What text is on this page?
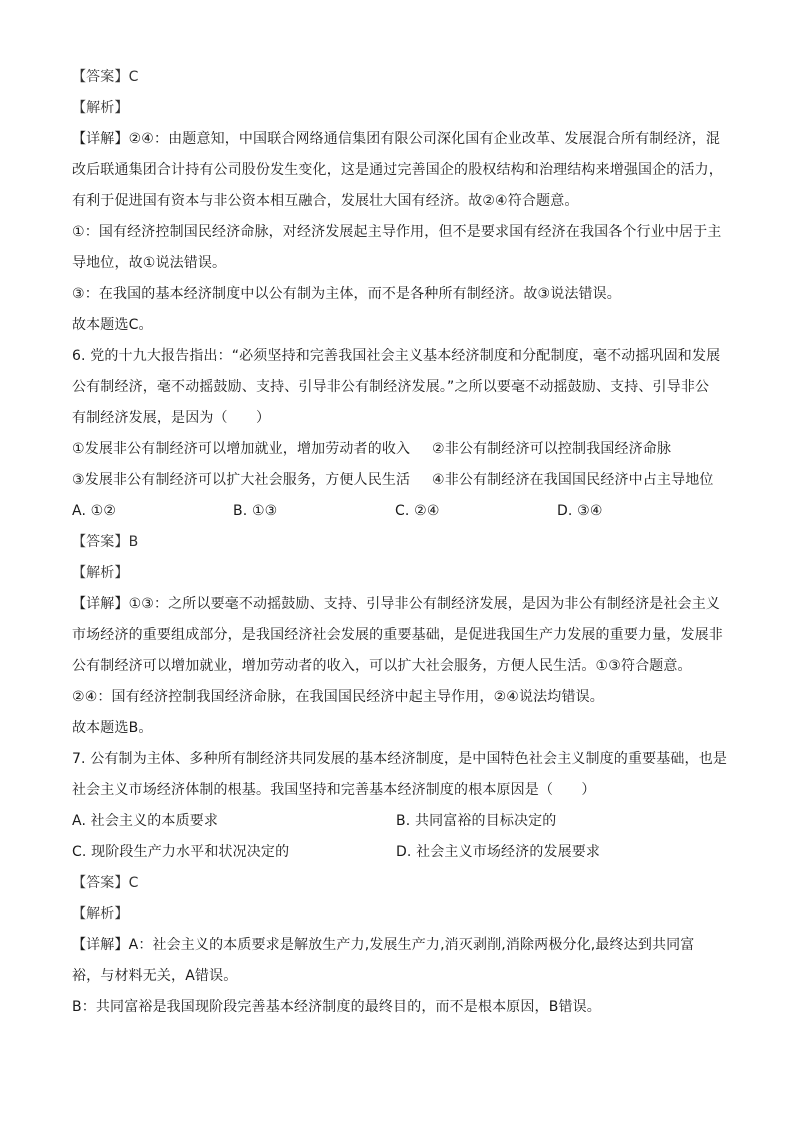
【答案】C
【解析】
【详解】②④：由题意知，中国联合网络通信集团有限公司深化国有企业改革、发展混合所有制经济，混
改后联通集团合计持有公司股份发生变化，这是通过完善国企的股权结构和治理结构来增强国企的活力，
有利于促进国有资本与非公资本相互融合，发展壮大国有经济。故②④符合题意。
①：国有经济控制国民经济命脉，对经济发展起主导作用，但不是要求国有经济在我国各个行业中居于主
导地位，故①说法错误。
③：在我国的基本经济制度中以公有制为主体，而不是各种所有制经济。故③说法错误。
故本题选C。
6. 党的十九大报告指出：“必须坚持和完善我国社会主义基本经济制度和分配制度，毫不动摇巩固和发展
公有制经济，毫不动摇鼓励、支持、引导非公有制经济发展。”之所以要毫不动摇鼓励、支持、引导非公
有制经济发展，是因为（　　）
①发展非公有制经济可以增加就业，增加劳动者的收入	②非公有制经济可以控制我国经济命脉
③发展非公有制经济可以扩大社会服务，方便人民生活	④非公有制经济在我国国民经济中占主导地位
A. ①②	B. ①③	C. ②④	D. ③④
【答案】B
【解析】
【详解】①③：之所以要毫不动摇鼓励、支持、引导非公有制经济发展，是因为非公有制经济是社会主义
市场经济的重要组成部分，是我国经济社会发展的重要基础，是促进我国生产力发展的重要力量，发展非
公有制经济可以增加就业，增加劳动者的收入，可以扩大社会服务，方便人民生活。①③符合题意。
②④：国有经济控制我国经济命脉，在我国国民经济中起主导作用，②④说法均错误。
故本题选B。
7. 公有制为主体、多种所有制经济共同发展的基本经济制度，是中国特色社会主义制度的重要基础，也是
社会主义市场经济体制的根基。我国坚持和完善基本经济制度的根本原因是（　　）
A. 社会主义的本质要求	B. 共同富裕的目标决定的
C. 现阶段生产力水平和状况决定的	D. 社会主义市场经济的发展要求
【答案】C
【解析】
【详解】A：社会主义的本质要求是解放生产力,发展生产力,消灭剥削,消除两极分化,最终达到共同富
裕，与材料无关，A错误。
B：共同富裕是我国现阶段完善基本经济制度的最终目的，而不是根本原因，B错误。
